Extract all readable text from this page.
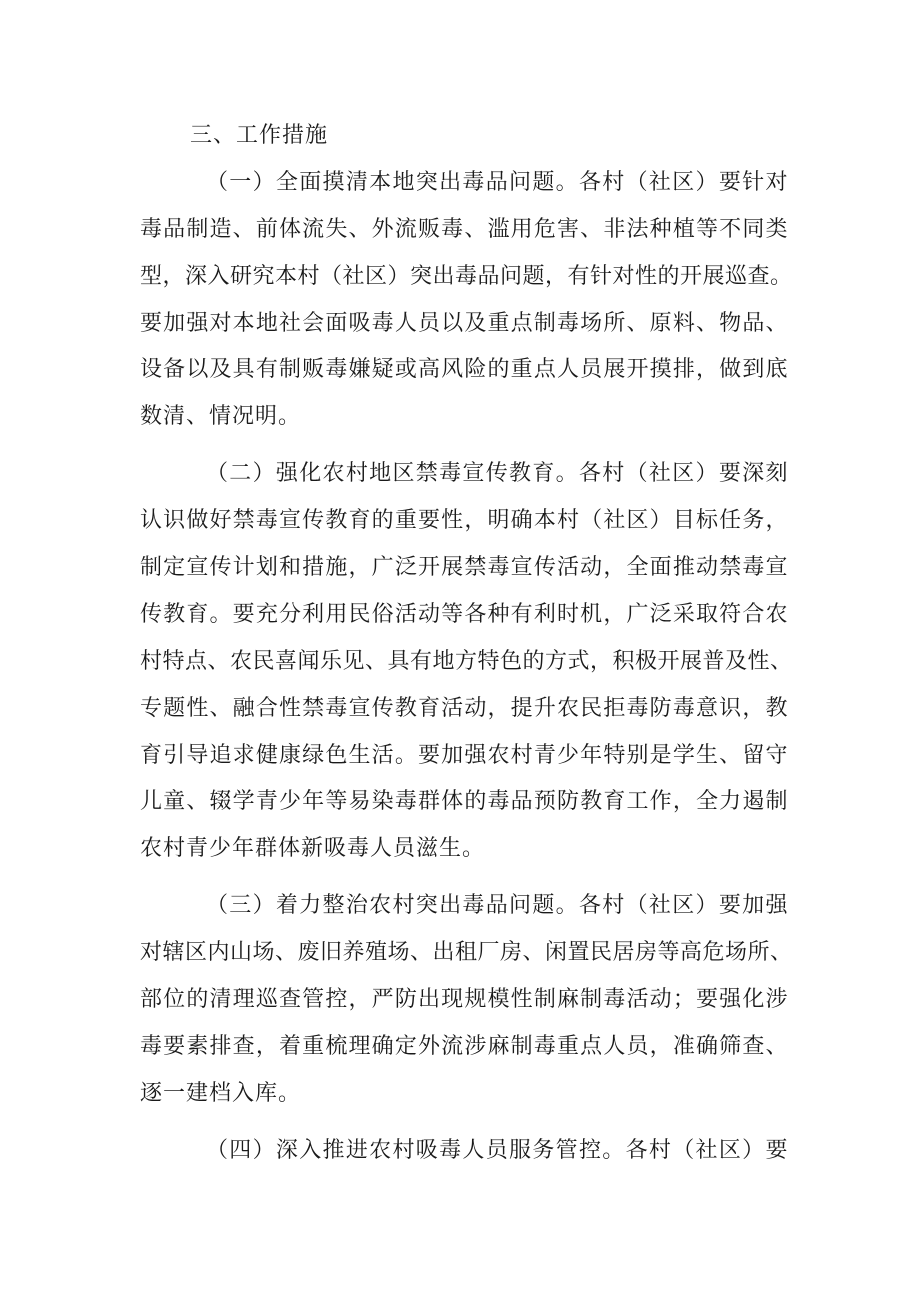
三、工作措施
（一）全面摸清本地突出毒品问题。各村（社区）要针对
毒品制造、前体流失、外流贩毒、滥用危害、非法种植等不同类
型，深入研究本村（社区）突出毒品问题，有针对性的开展巡查。
要加强对本地社会面吸毒人员以及重点制毒场所、原料、物品、
设备以及具有制贩毒嫌疑或高风险的重点人员展开摸排，做到底
数清、情况明。
（二）强化农村地区禁毒宣传教育。各村（社区）要深刻
认识做好禁毒宣传教育的重要性，明确本村（社区）目标任务，
制定宣传计划和措施，广泛开展禁毒宣传活动，全面推动禁毒宣
传教育。要充分利用民俗活动等各种有利时机，广泛采取符合农
村特点、农民喜闻乐见、具有地方特色的方式，积极开展普及性、
专题性、融合性禁毒宣传教育活动，提升农民拒毒防毒意识，教
育引导追求健康绿色生活。要加强农村青少年特别是学生、留守
儿童、辍学青少年等易染毒群体的毒品预防教育工作，全力遏制
农村青少年群体新吸毒人员滋生。
（三）着力整治农村突出毒品问题。各村（社区）要加强
对辖区内山场、废旧养殖场、出租厂房、闲置民居房等高危场所、
部位的清理巡查管控，严防出现规模性制麻制毒活动；要强化涉
毒要素排查，着重梳理确定外流涉麻制毒重点人员，准确筛查、
逐一建档入库。
（四）深入推进农村吸毒人员服务管控。各村（社区）要
